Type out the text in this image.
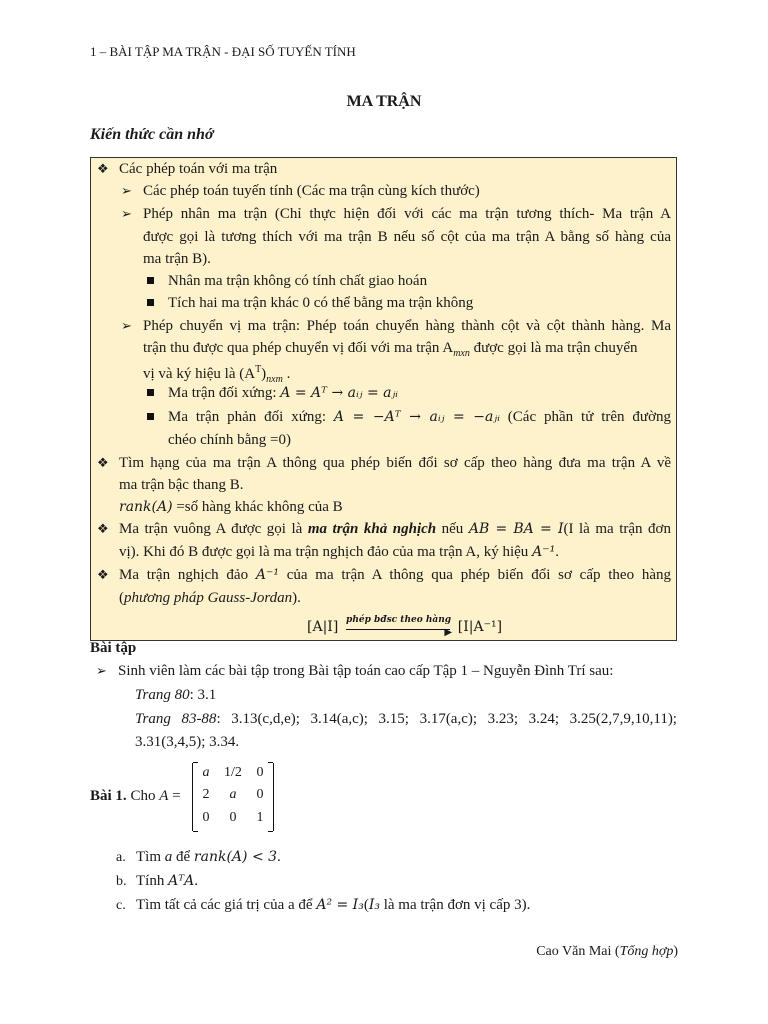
1 – BÀI TẬP MA TRẬN - ĐẠI SỐ TUYẾN TÍNH
MA TRẬN
Kiến thức cần nhớ
❖ Các phép toán với ma trận
➢ Các phép toán tuyến tính (Các ma trận cùng kích thước)
➢ Phép nhân ma trận (Chỉ thực hiện đối với các ma trận tương thích- Ma trận A
được gọi là tương thích với ma trận B nếu số cột của ma trận A bằng số hàng của
ma trận B).
Nhân ma trận không có tính chất giao hoán
Tích hai ma trận khác 0 có thể bằng ma trận không
➢ Phép chuyển vị ma trận: Phép toán chuyển hàng thành cột và cột thành hàng. Ma
trận thu được qua phép chuyển vị đối với ma trận $A_{mxn}$ được gọi là ma trận chuyển
vị và ký hiệu là $(A^T)_{nxm}$ .
Ma trận đối xứng: A = Aᵀ → aᵢⱼ = aⱼᵢ
Ma trận phản đối xứng: A = −Aᵀ → aᵢⱼ = −aⱼᵢ (Các phần tử trên đường
chéo chính bằng =0)
❖ Tìm hạng của ma trận A thông qua phép biến đổi sơ cấp theo hàng đưa ma trận A về
ma trận bậc thang B.
rank(A) =số hàng khác không của B
❖ Ma trận vuông A được gọi là ma trận khả nghịch nếu AB = BA = I(I là ma trận đơn
vị). Khi đó B được gọi là ma trận nghịch đảo của ma trận A, ký hiệu A⁻¹.
❖ Ma trận nghịch đảo A⁻¹ của ma trận A thông qua phép biến đổi sơ cấp theo hàng
(phương pháp Gauss-Jordan).
[A|I]	▶
phép bđsc theo hàng [I|A⁻¹]
Bài tập
➢ Sinh viên làm các bài tập trong Bài tập toán cao cấp Tập 1 – Nguyễn Đình Trí sau:
Trang 80: 3.1
Trang 83-88: 3.13(c,d,e); 3.14(a,c); 3.15; 3.17(a,c); 3.23; 3.24; 3.25(2,7,9,10,11);
3.31(3,4,5); 3.34.
Bài 1. Cho A =
a	1/2	0
2	a	0
0	0	1
a. Tìm a để rank(A) < 3.
b. Tính AᵀA.
c. Tìm tất cả các giá trị của a để A² = I₃(I₃ là ma trận đơn vị cấp 3).
Cao Văn Mai (Tổng hợp)
